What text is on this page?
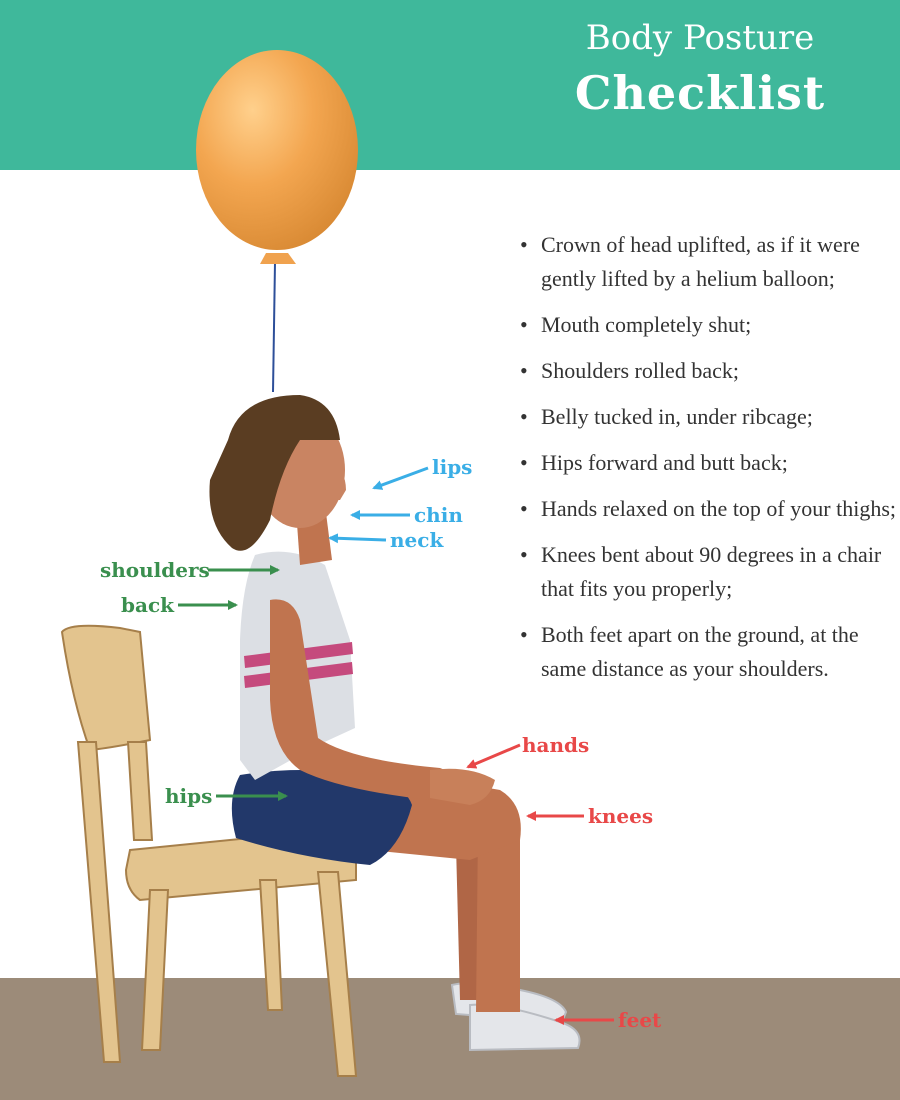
Body Posture
Checklist
lips
chin
neck
shoulders
back
hips
hands
knees
feet
• Crown of head uplifted, as if it were gently lifted by a helium balloon;
• Mouth completely shut;
• Shoulders rolled back;
• Belly tucked in, under ribcage;
• Hips forward and butt back;
• Hands relaxed on the top of your thighs;
• Knees bent about 90 degrees in a chair that fits you properly;
• Both feet apart on the ground, at the same distance as your shoulders.
